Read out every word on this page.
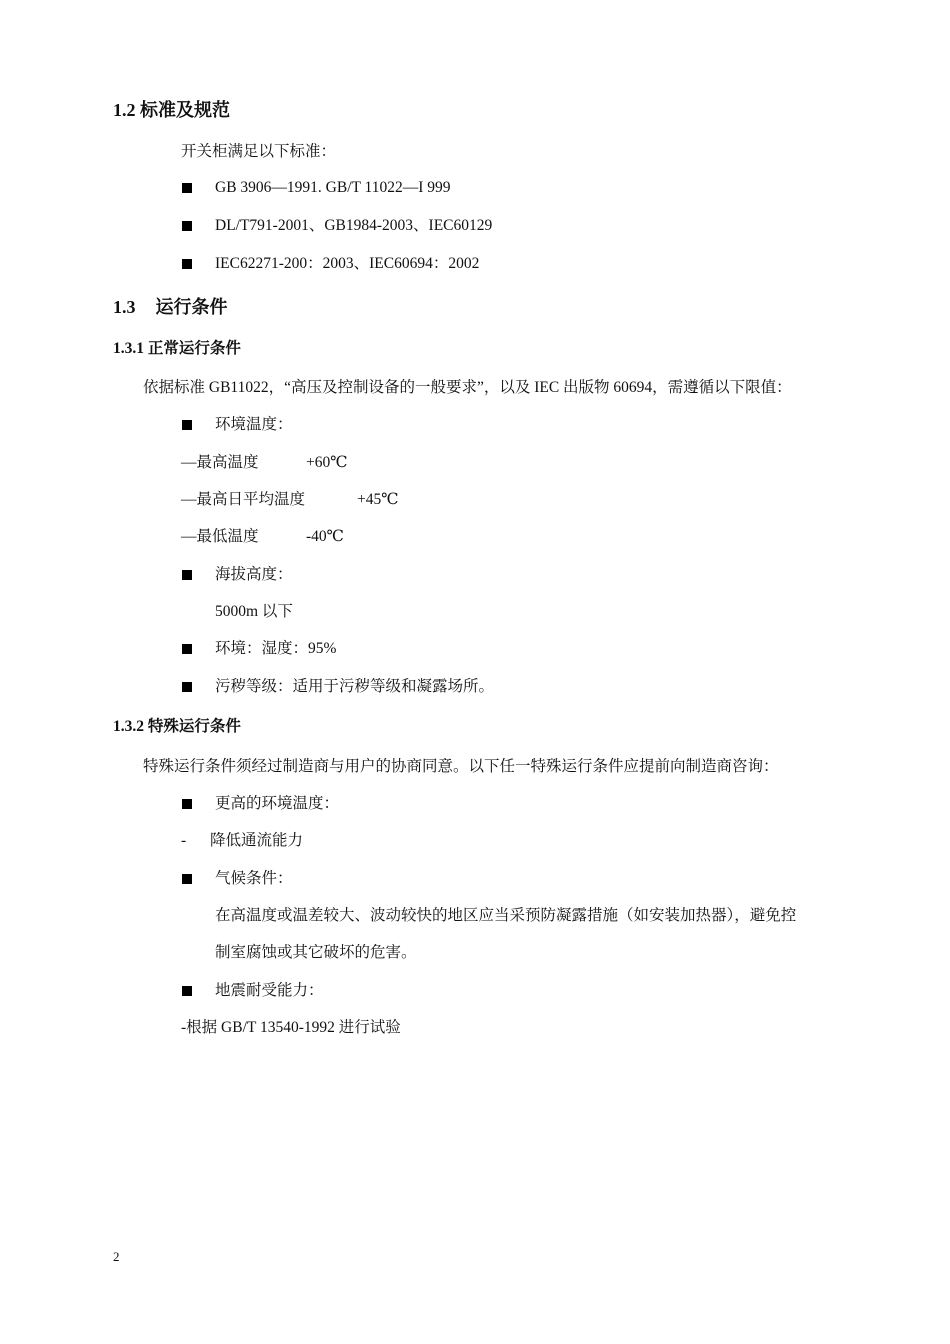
1.2 标准及规范
开关柜满足以下标准：
GB 3906—1991. GB/T 11022—I 999
DL/T791-2001、GB1984-2003、IEC60129
IEC62271-200：2003、IEC60694：2002
1.3 运行条件
1.3.1 正常运行条件
依据标准 GB11022，“高压及控制设备的一般要求”，以及 IEC 出版物 60694，需遵循以下限值：
环境温度：
—最高温度	+60℃
—最高日平均温度	+45℃
—最低温度	-40℃
海拔高度：
5000m 以下
环境：湿度：95%
污秽等级：适用于污秽等级和凝露场所。
1.3.2 特殊运行条件
特殊运行条件须经过制造商与用户的协商同意。以下任一特殊运行条件应提前向制造商咨询：
更高的环境温度：
- 降低通流能力
气候条件：
在高温度或温差较大、波动较快的地区应当采预防凝露措施（如安装加热器），避免控
制室腐蚀或其它破坏的危害。
地震耐受能力：
-根据 GB/T 13540-1992 进行试验
2
